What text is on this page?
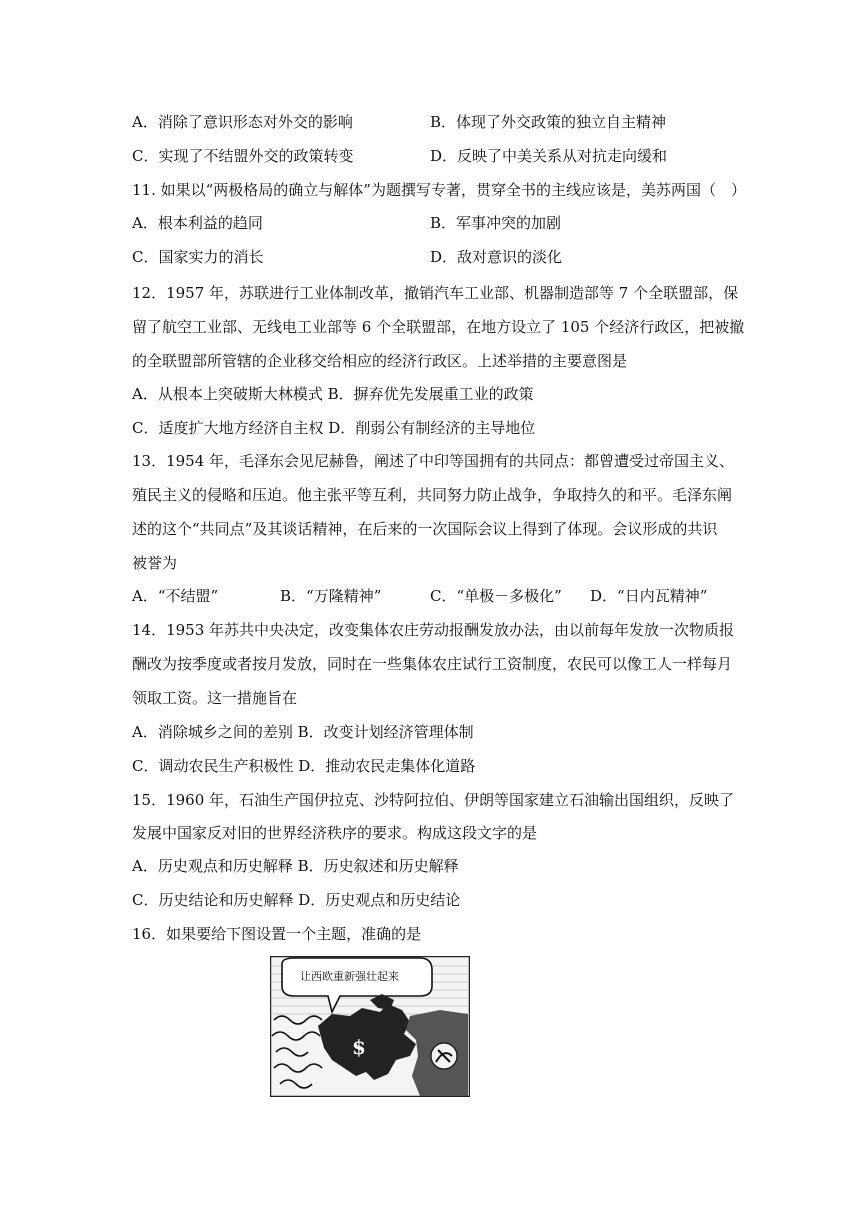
A．消除了意识形态对外交的影响	B．体现了外交政策的独立自主精神
C．实现了不结盟外交的政策转变	D．反映了中美关系从对抗走向缓和
11. 如果以“两极格局的确立与解体”为题撰写专著，贯穿全书的主线应该是，美苏两国（　）
A．根本利益的趋同	B．军事冲突的加剧
C．国家实力的消长	D．敌对意识的淡化
12．1957 年，苏联进行工业体制改革，撤销汽车工业部、机器制造部等 7 个全联盟部，保
留了航空工业部、无线电工业部等 6 个全联盟部，在地方设立了 105 个经济行政区，把被撤
的全联盟部所管辖的企业移交给相应的经济行政区。上述举措的主要意图是
A．从根本上突破斯大林模式 B．摒弃优先发展重工业的政策
C．适度扩大地方经济自主权 D．削弱公有制经济的主导地位
13．1954 年，毛泽东会见尼赫鲁，阐述了中印等国拥有的共同点：都曾遭受过帝国主义、
殖民主义的侵略和压迫。他主张平等互利，共同努力防止战争，争取持久的和平。毛泽东阐
述的这个“共同点”及其谈话精神，在后来的一次国际会议上得到了体现。会议形成的共识
被誉为
A．“不结盟”	B．“万隆精神”	C．“单极－多极化” D．“日内瓦精神”
14．1953 年苏共中央决定，改变集体农庄劳动报酬发放办法，由以前每年发放一次物质报
酬改为按季度或者按月发放，同时在一些集体农庄试行工资制度，农民可以像工人一样每月
领取工资。这一措施旨在
A．消除城乡之间的差别 B．改变计划经济管理体制
C．调动农民生产积极性 D．推动农民走集体化道路
15．1960 年，石油生产国伊拉克、沙特阿拉伯、伊朗等国家建立石油输出国组织，反映了
发展中国家反对旧的世界经济秩序的要求。构成这段文字的是
A．历史观点和历史解释 B．历史叙述和历史解释
C．历史结论和历史解释 D．历史观点和历史结论
16．如果要给下图设置一个主题，准确的是
让西欧重新强壮起来
$
